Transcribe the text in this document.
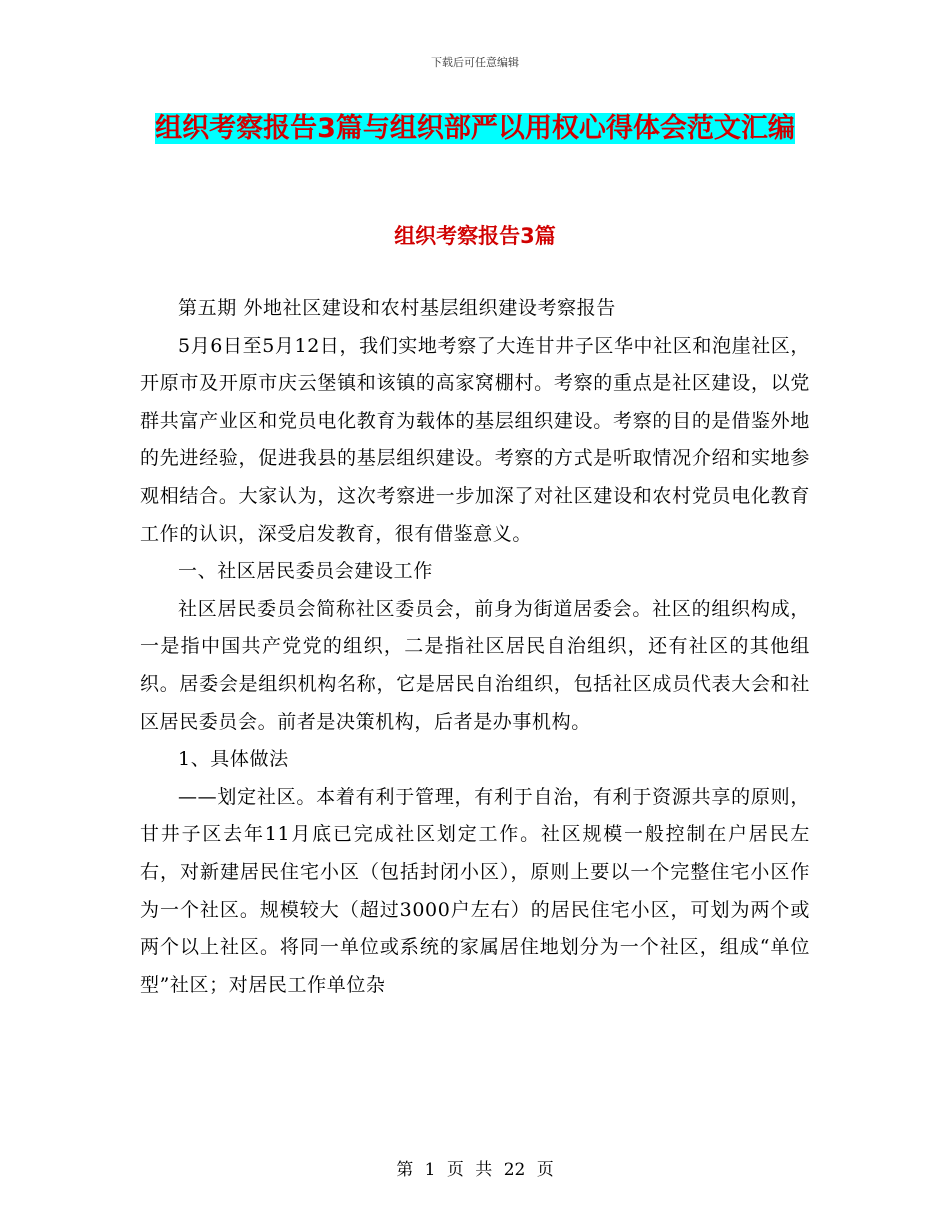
下载后可任意编辑
组织考察报告3篇与组织部严以用权心得体会范文汇编
组织考察报告3篇

第五期 外地社区建设和农村基层组织建设考察报告

5月6日至5月12日，我们实地考察了大连甘井子区华中社区和泡崖社区，开原市及开原市庆云堡镇和该镇的高家窝棚村。考察的重点是社区建设，以党群共富产业区和党员电化教育为载体的基层组织建设。考察的目的是借鉴外地的先进经验，促进我县的基层组织建设。考察的方式是听取情况介绍和实地参观相结合。大家认为，这次考察进一步加深了对社区建设和农村党员电化教育工作的认识，深受启发教育，很有借鉴意义。

一、社区居民委员会建设工作

社区居民委员会简称社区委员会，前身为街道居委会。社区的组织构成，一是指中国共产党党的组织，二是指社区居民自治组织，还有社区的其他组织。居委会是组织机构名称，它是居民自治组织，包括社区成员代表大会和社区居民委员会。前者是决策机构，后者是办事机构。

1、具体做法

——划定社区。本着有利于管理，有利于自治，有利于资源共享的原则，甘井子区去年11月底已完成社区划定工作。社区规模一般控制在户居民左右，对新建居民住宅小区（包括封闭小区），原则上要以一个完整住宅小区作为一个社区。规模较大（超过3000户左右）的居民住宅小区，可划为两个或两个以上社区。将同一单位或系统的家属居住地划分为一个社区，组成“单位型”社区；对居民工作单位杂

第 1 页 共 22 页
